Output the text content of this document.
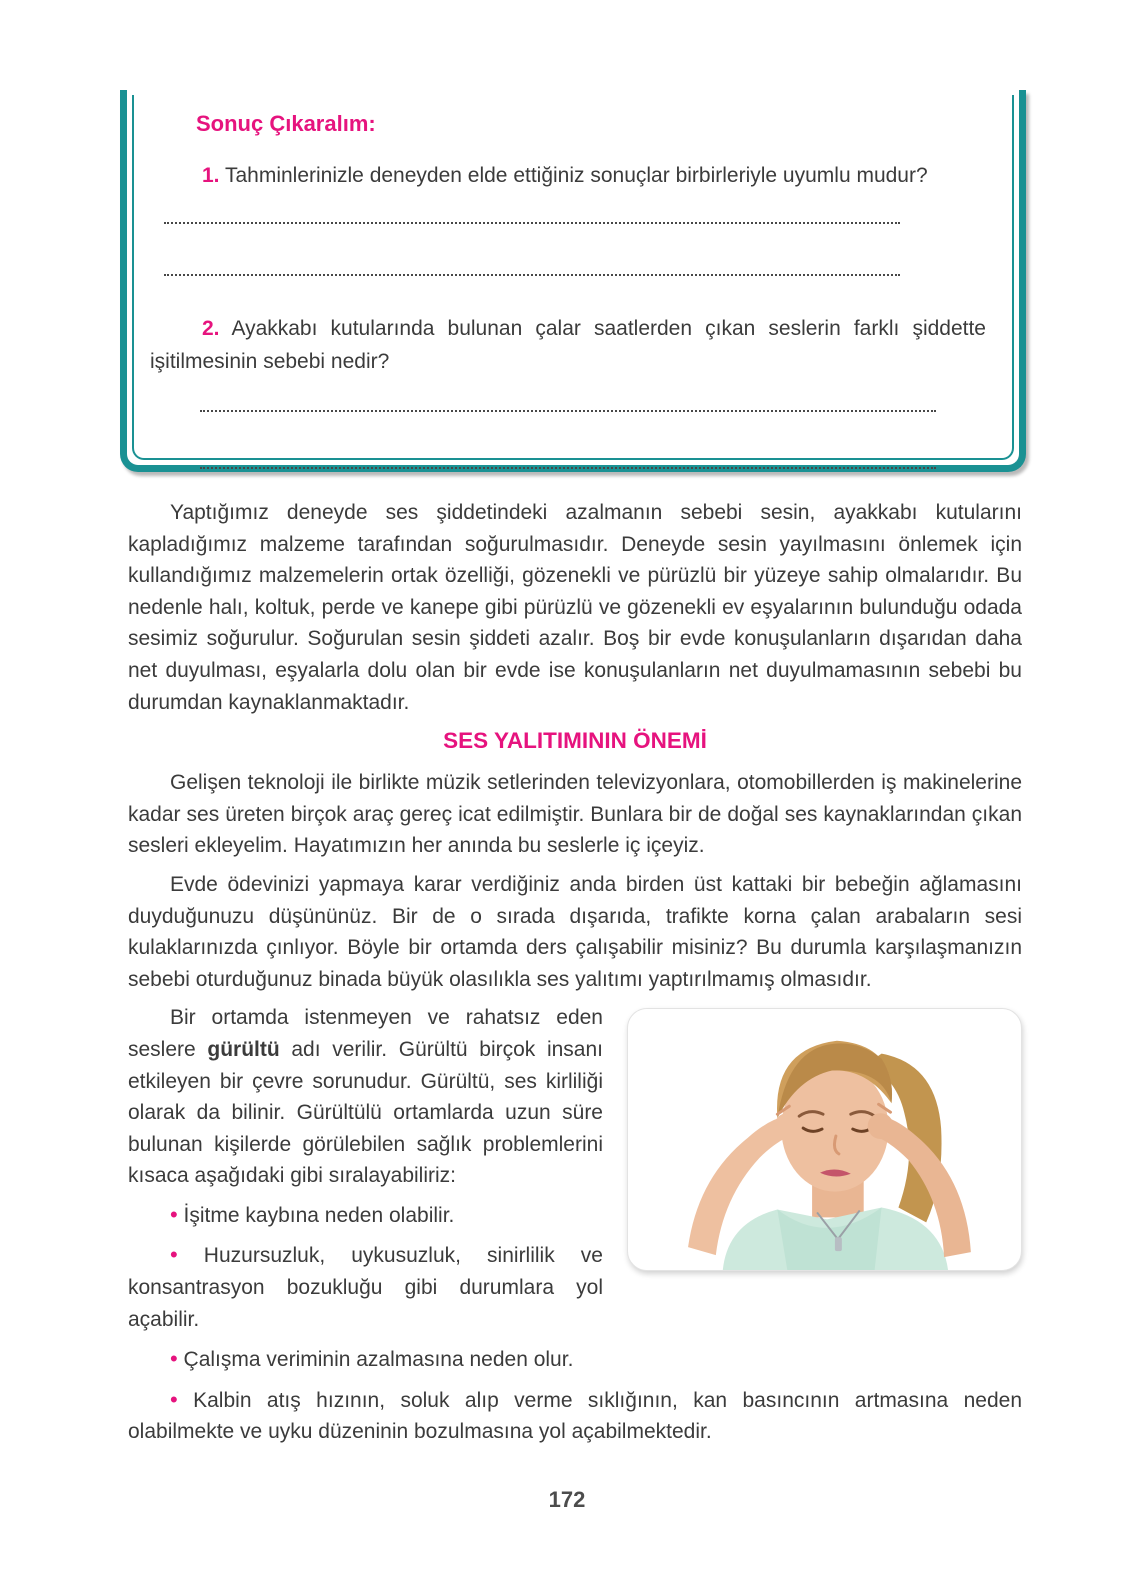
Sonuç Çıkaralım:

1. Tahminlerinizle deneyden elde ettiğiniz sonuçlar birbirleriyle uyumlu mudur?

2. Ayakkabı kutularında bulunan çalar saatlerden çıkan seslerin farklı şiddette işitilmesinin sebebi nedir?

Yaptığımız deneyde ses şiddetindeki azalmanın sebebi sesin, ayakkabı kutularını kapladığımız malzeme tarafından soğurulmasıdır. Deneyde sesin yayılmasını önlemek için kullandığımız malzemelerin ortak özelliği, gözenekli ve pürüzlü bir yüzeye sahip olmalarıdır. Bu nedenle halı, koltuk, perde ve kanepe gibi pürüzlü ve gözenekli ev eşyalarının bulunduğu odada sesimiz soğurulur. Soğurulan sesin şiddeti azalır. Boş bir evde konuşulanların dışarıdan daha net duyulması, eşyalarla dolu olan bir evde ise konuşulanların net duyulmamasının sebebi bu durumdan kaynaklanmaktadır.

SES YALITIMININ ÖNEMİ

Gelişen teknoloji ile birlikte müzik setlerinden televizyonlara, otomobillerden iş makinelerine kadar ses üreten birçok araç gereç icat edilmiştir. Bunlara bir de doğal ses kaynaklarından çıkan sesleri ekleyelim. Hayatımızın her anında bu seslerle iç içeyiz.

Evde ödevinizi yapmaya karar verdiğiniz anda birden üst kattaki bir bebeğin ağlamasını duyduğunuzu düşününüz. Bir de o sırada dışarıda, trafikte korna çalan arabaların sesi kulaklarınızda çınlıyor. Böyle bir ortamda ders çalışabilir misiniz? Bu durumla karşılaşmanızın sebebi oturduğunuz binada büyük olasılıkla ses yalıtımı yaptırılmamış olmasıdır.

Bir ortamda istenmeyen ve rahatsız eden seslere gürültü adı verilir. Gürültü birçok insanı etkileyen bir çevre sorunudur. Gürültü, ses kirliliği olarak da bilinir. Gürültülü ortamlarda uzun süre bulunan kişilerde görülebilen sağlık problemlerini kısaca aşağıdaki gibi sıralayabiliriz:

• İşitme kaybına neden olabilir.

• Huzursuzluk, uykusuzluk, sinirlilik ve konsantrasyon bozukluğu gibi durumlara yol açabilir.

• Çalışma veriminin azalmasına neden olur.

• Kalbin atış hızının, soluk alıp verme sıklığının, kan basıncının artmasına neden olabilmekte ve uyku düzeninin bozulmasına yol açabilmektedir.

172
